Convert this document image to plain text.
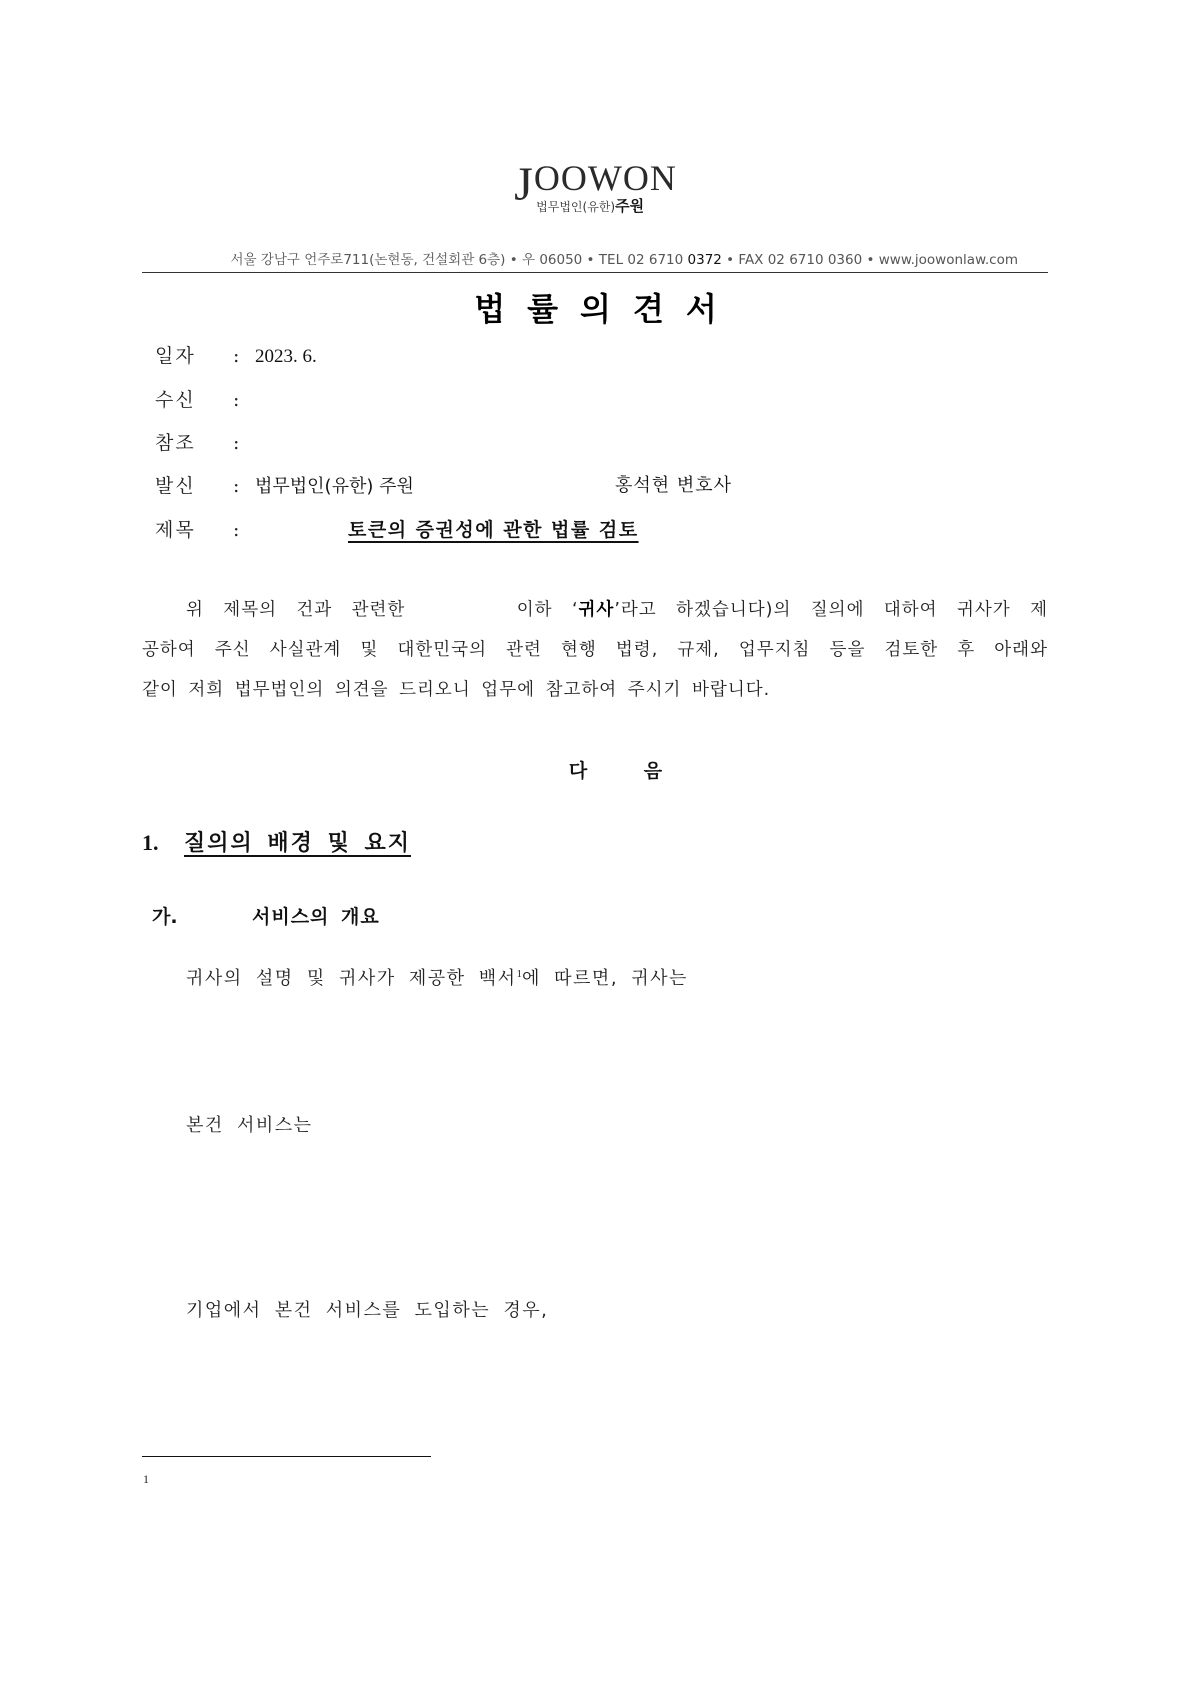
JOOWON
법무법인(유한)주원
서울 강남구 언주로711(논현동, 건설회관 6층) • 우 06050 • TEL 02 6710 0372 • FAX 02 6710 0360 • www.joowonlaw.com
법률의견서
일자 : 2023. 6.
수신 :
참조 :
발신 : 법무법인(유한) 주원	홍석현 변호사
제목 :	토큰의 증권성에 관한 법률 검토
위 제목의 건과 관련한	이하 ‘귀사’라고 하겠습니다)의 질의에 대하여 귀사가 제
공하여 주신 사실관계 및 대한민국의 관련 현행 법령, 규제, 업무지침 등을 검토한 후 아래와
같이 저희 법무법인의 의견을 드리오니 업무에 참고하여 주시기 바랍니다.
다 음
1. 질의의 배경 및 요지
가.	서비스의 개요
귀사의 설명 및 귀사가 제공한 백서$^1$에 따르면, 귀사는
본건 서비스는
기업에서 본건 서비스를 도입하는 경우,
1
